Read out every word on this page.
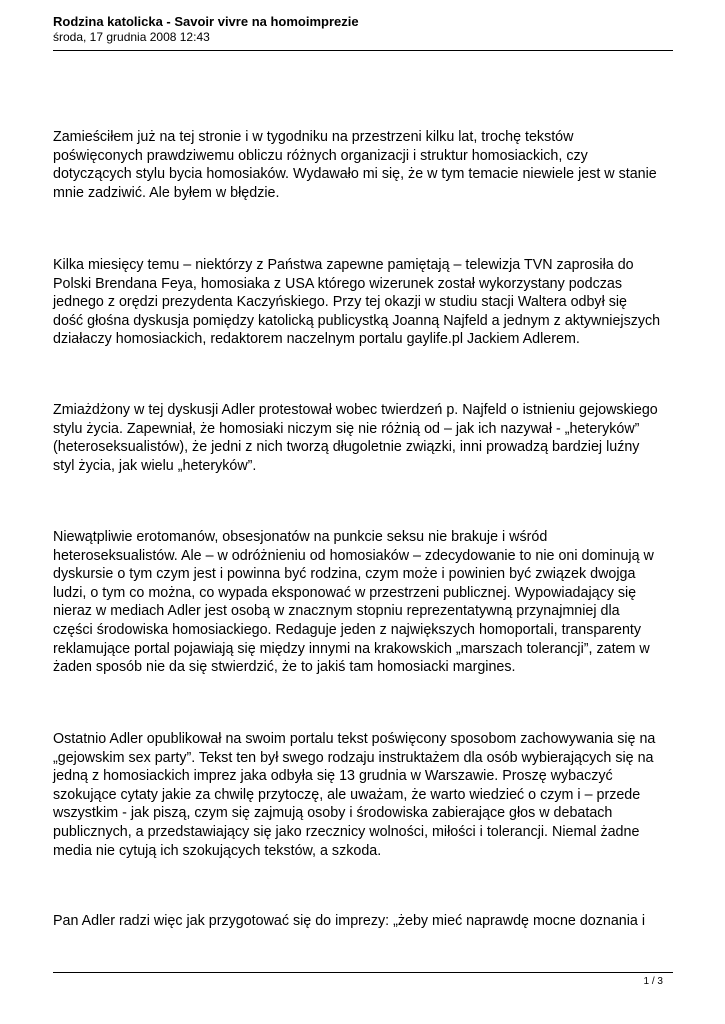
Rodzina katolicka - Savoir vivre na homoimprezie

środa, 17 grudnia 2008 12:43

Zamieściłem już na tej stronie i w tygodniku na przestrzeni kilku lat, trochę tekstów
poświęconych prawdziwemu obliczu różnych organizacji i struktur homosiackich, czy
dotyczących stylu bycia homosiaków. Wydawało mi się, że w tym temacie niewiele jest w stanie
mnie zadziwić. Ale byłem w błędzie.

Kilka miesięcy temu – niektórzy z Państwa zapewne pamiętają – telewizja TVN zaprosiła do
Polski Brendana Feya, homosiaka z USA którego wizerunek został wykorzystany podczas
jednego z orędzi prezydenta Kaczyńskiego. Przy tej okazji w studiu stacji Waltera odbył się
dość głośna dyskusja pomiędzy katolicką publicystką Joanną Najfeld a jednym z aktywniejszych
działaczy homosiackich, redaktorem naczelnym portalu gaylife.pl Jackiem Adlerem.

Zmiażdżony w tej dyskusji Adler protestował wobec twierdzeń p. Najfeld o istnieniu gejowskiego
stylu życia. Zapewniał, że homosiaki niczym się nie różnią od – jak ich nazywał - „heteryków”
(heteroseksualistów), że jedni z nich tworzą długoletnie związki, inni prowadzą bardziej luźny
styl życia, jak wielu „heteryków”.

Niewątpliwie erotomanów, obsesjonatów na punkcie seksu nie brakuje i wśród
heteroseksualistów. Ale – w odróżnieniu od homosiaków – zdecydowanie to nie oni dominują w
dyskursie o tym czym jest i powinna być rodzina, czym może i powinien być związek dwojga
ludzi, o tym co można, co wypada eksponować w przestrzeni publicznej. Wypowiadający się
nieraz w mediach Adler jest osobą w znacznym stopniu reprezentatywną przynajmniej dla
części środowiska homosiackiego. Redaguje jeden z największych homoportali, transparenty
reklamujące portal pojawiają się między innymi na krakowskich „marszach tolerancji”, zatem w
żaden sposób nie da się stwierdzić, że to jakiś tam homosiacki margines.

Ostatnio Adler opublikował na swoim portalu tekst poświęcony sposobom zachowywania się na
„gejowskim sex party”. Tekst ten był swego rodzaju instruktażem dla osób wybierających się na
jedną z homosiackich imprez jaka odbyła się 13 grudnia w Warszawie. Proszę wybaczyć
szokujące cytaty jakie za chwilę przytoczę, ale uważam, że warto wiedzieć o czym i – przede
wszystkim - jak piszą, czym się zajmują osoby i środowiska zabierające głos w debatach
publicznych, a przedstawiający się jako rzecznicy wolności, miłości i tolerancji. Niemal żadne
media nie cytują ich szokujących tekstów, a szkoda.

Pan Adler radzi więc jak przygotować się do imprezy: „żeby mieć naprawdę mocne doznania i

1 / 3
